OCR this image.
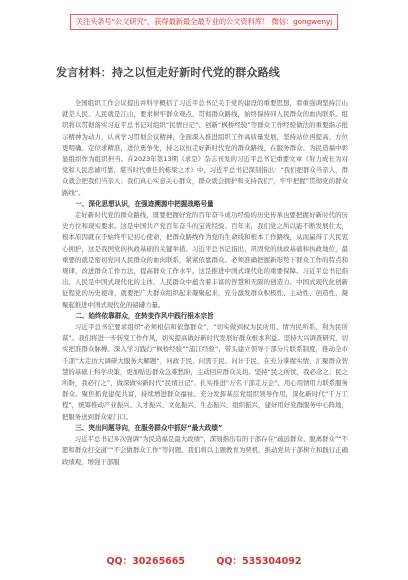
关注头条号"公文研究"，获得最新最全最专业的公文资料库！ 微信：gongwenyj
发言材料：持之以恒走好新时代党的群众路线

全国组织工作会议提出并科学概括了习近平总书记关于党的建设的重要思想，看重强调坚持江山就是人民、人民就是江山，要求树牢群众观点、贯彻群众路线，始终保持同人民群众的血肉联系。组织将以贯彻落实习近平总书记对组织“民情日记”、创新“枫桥经验”等群众工作经验做法的重要指示批示精神为动力，认真学习贯彻会议精神，全面深入推进组织工作高质量发展，坚持站位再提高、方位更明确、定位求精准，进位勇争先，持之以恒走好新时代党的群众路线，在服务群众、为民造福中彰显组织作为组织担当。在2023年第13期《求是》杂志刊发的习近平总书记重要文章《努力成长为对党和人民忠诚可靠、堪当时代重任的栋梁之才》中，习近平总书记深刻指出：“我们把群众当亲人，群众就会把我们当亲人；我们真心实意关心群众，群众就会拥护和支持我们”，牢牢把握“贯彻党的群众路线”。

一、深化思想认识，在强迹溯源中把握战略号量

走好新时代党的群众路线，既要把握好党的百年奋斗成功经验的历史传承也要把握好新时代的历史方位和现实要求。这是中国共产党百年奋斗的宝贵经验。百年来，我们党之所以能不断发展壮大，根本原因就在于始终牢记初心使命，把群众路线作为党的生命线和根本工作路线，从而赢得了人民衷心拥护，这是我国党的执政基础的关键举措。习近平总书记指出，巩固党的执政基础和执政地位，最重要的就是密切党同人民群众的血肉联系，紧紧依靠群众。必须准确把握新形势下群众工作的特点和规律，改进群众工作方法，提高群众工作水平。这是推进中国式现代化的重要保障。习近平总书记指出，人民是中国式现代化的主体，人民群众中蕴含着丰富的智慧和无限的创造力。中国式现代化创新征程党的历史使命，就要把广大群众组织起来凝聚起来，充分激发群众积极性、主动性、创造性，凝聚起推进中国式现代化的磅礴力量。

二、始终依靠群众，在转变作风中践行根本宗旨

习近平总书记要求组织“必须相信和依靠群众”，“切实做到权为民所用、情为民所系、利为民所谋”。我们将进一步转变工作作风，切实提高做好新时代发展好群众根本利益。坚持大兴调查研究，切实把准群众脉搏。深入学习践行“枫桥经验”“浦江经验”，带头建立领导干部分片联系制度，推动全市千部“大走访大调研大服务大解题”，问政于民、问需于民、问计于民，在充分掌握实情、汇聚群众智慧的基础上科学决策，更加贴近群众急难愁盼，主动回应群众关切。坚持“民之所忧，我必念之；民之所盼，我必行之”，做深做实新时代“民情日记”，扎实推进“万名干部走万企”，用心用情用力联系服务群众。聚焦抓党建促共富，持续增进群众福祉。充分发挥基层党组织领导作用，深化新时代“千万工程”，统筹推动产业振兴、人才振兴、文化振兴、生态振兴、组织振兴，建好用好党群服务中心阵地，把服务送到群众家门口。

三、突出问题导向，在服务群众中抓好“最大政绩”

习近平总书记多次强调“为民造福是最大政绩”，深刻指出有的干部存在“疏远群众、脱离群众”“不愿和群众打交道”“不会做群众工作”等问题。我们将以主题教育为契机，推动党员干部树立和践行正确政绩观，增强干部服

QQ：30265665	QQ：535304092
